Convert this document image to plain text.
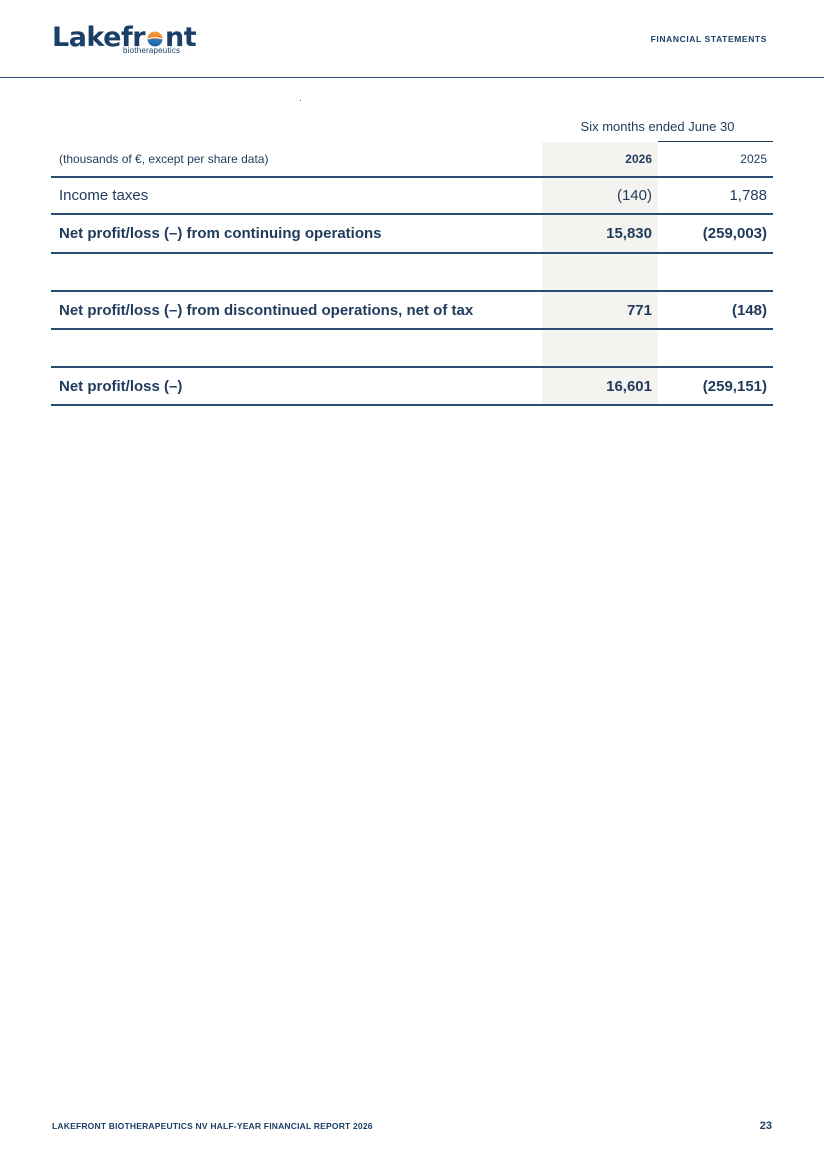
Lakefr nt
biotherapeutics
FINANCIAL STATEMENTS
Six months ended June 30
(thousands of €, except per share data)	2026	2025
Income taxes	(140)	1,788
Net profit/loss (–) from continuing operations	15,830	(259,003)
Net profit/loss (–) from discontinued operations, net of tax	771	(148)
Net profit/loss (–)	16,601	(259,151)
LAKEFRONT BIOTHERAPEUTICS NV HALF-YEAR FINANCIAL REPORT 2026	23
